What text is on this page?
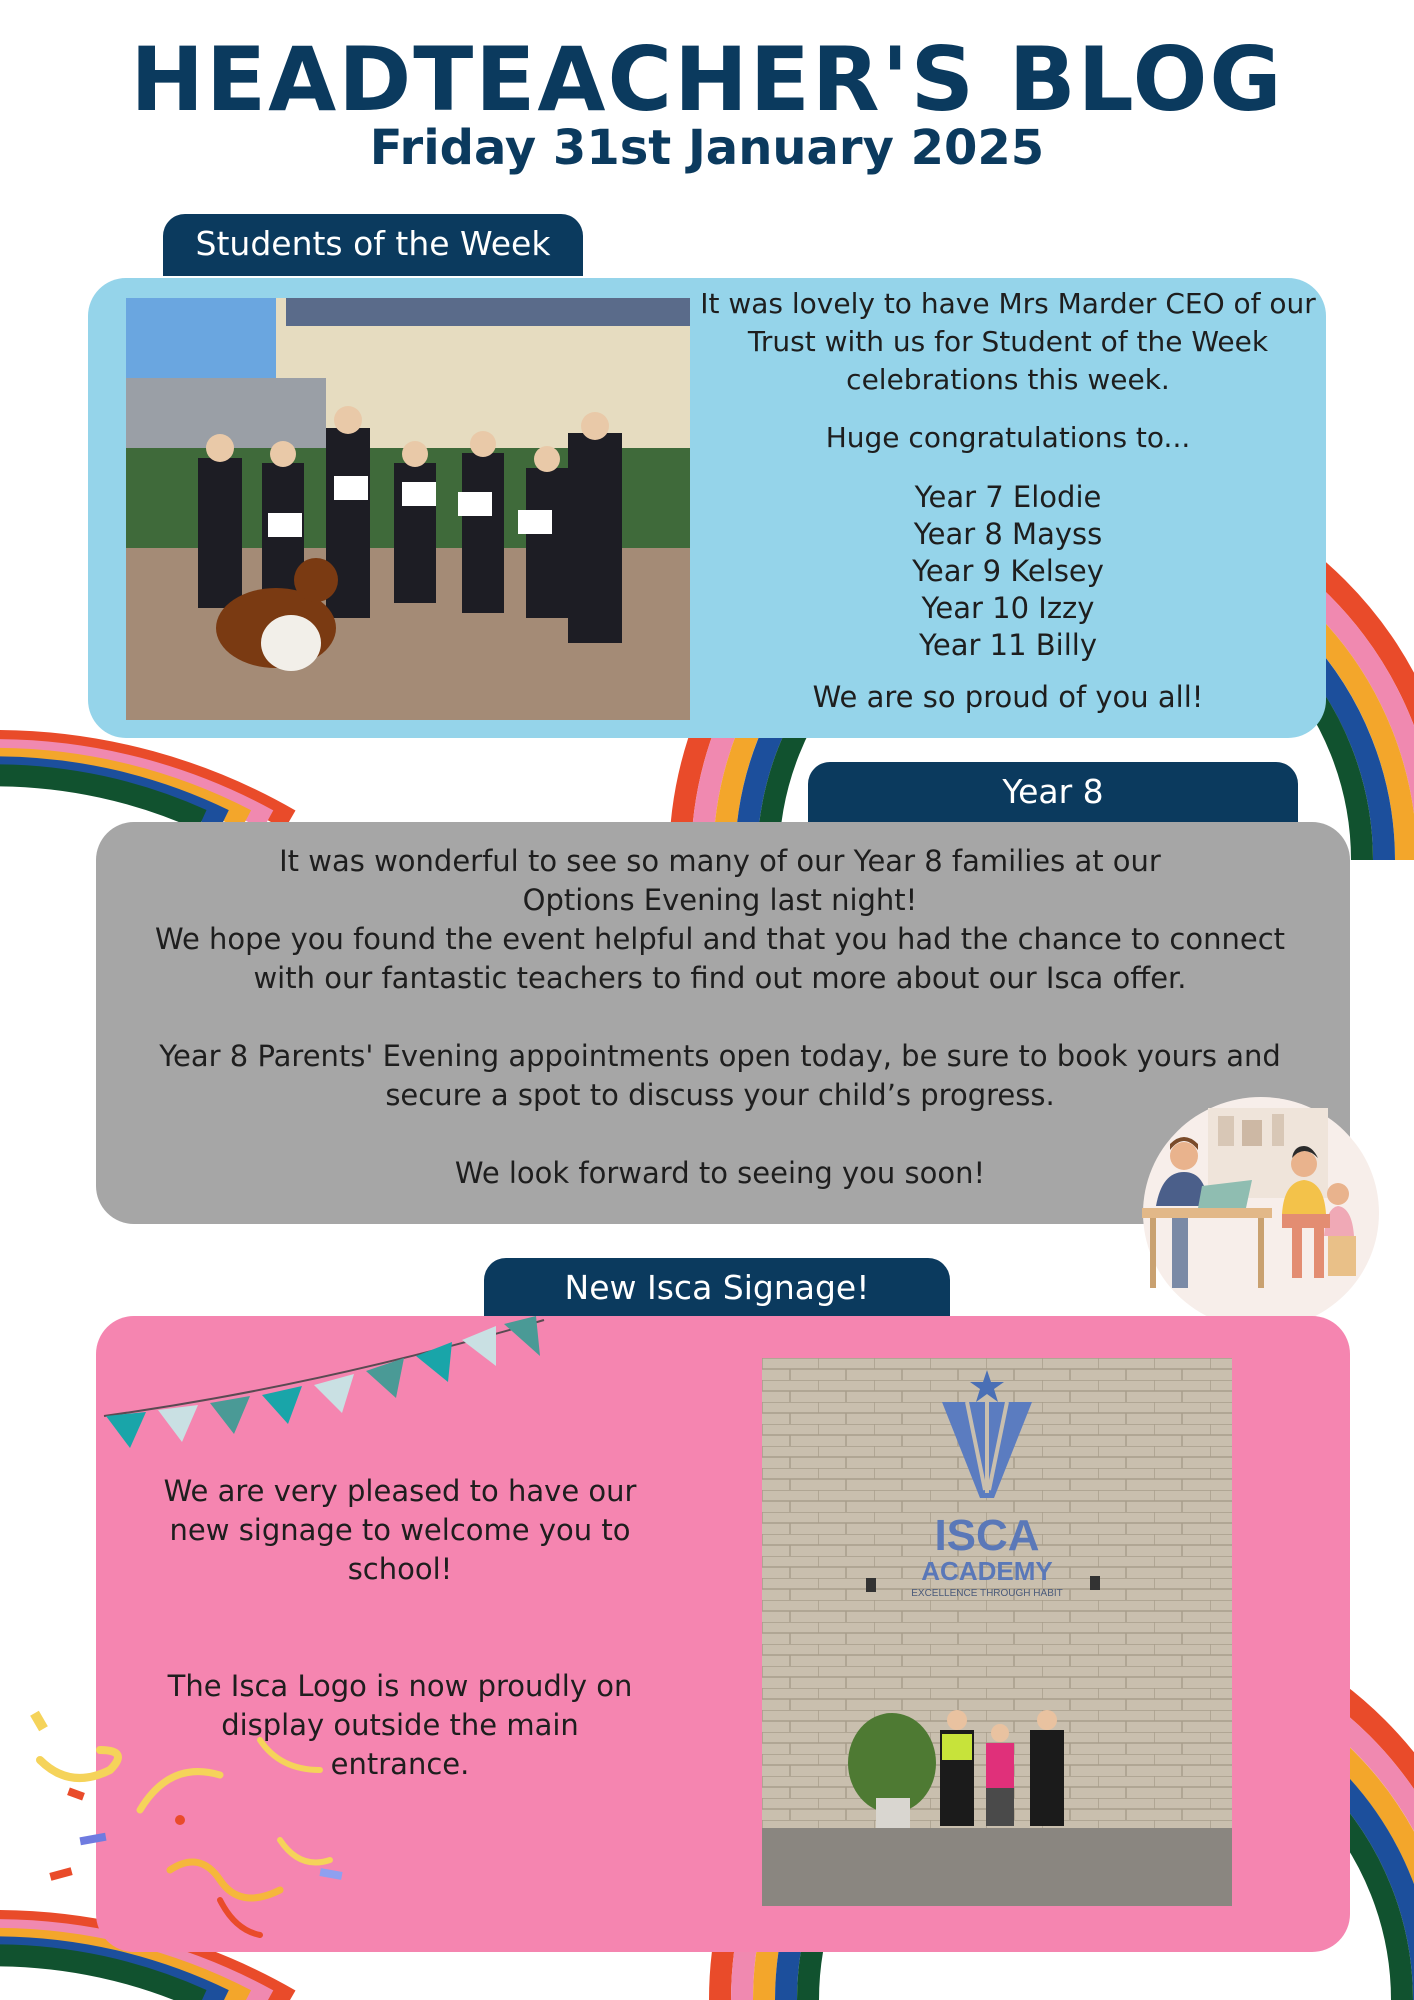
HEADTEACHER'S BLOG
Friday 31st January 2025
Students of the Week

It was lovely to have Mrs Marder CEO of our Trust with us for Student of the Week celebrations this week.

Huge congratulations to...

Year 7 Elodie

Year 8 Mayss

Year 9 Kelsey

Year 10 Izzy

Year 11 Billy

We are so proud of you all!

Year 8

It was wonderful to see so many of our Year 8 families at our

Options Evening last night!

We hope you found the event helpful and that you had the chance to connect

with our fantastic teachers to find out more about our Isca offer.

Year 8 Parents' Evening appointments open today, be sure to book yours and

secure a spot to discuss your child’s progress.

We look forward to seeing you soon!

New Isca Signage!

We are very pleased to have our new signage to welcome you to school!

The Isca Logo is now proudly on display outside the main entrance.

ISCA
ACADEMY
EXCELLENCE THROUGH HABIT
